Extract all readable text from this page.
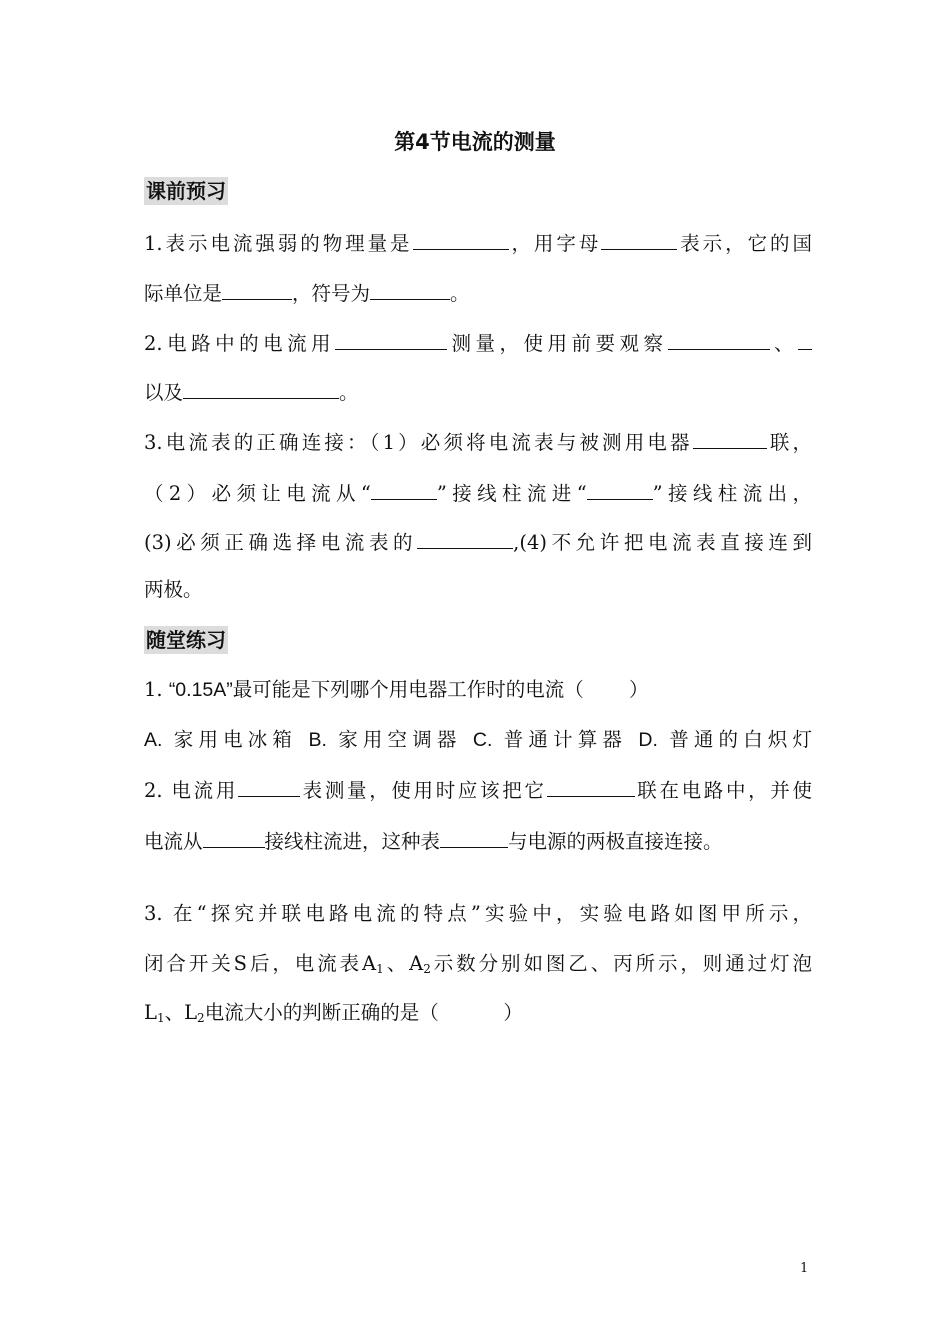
第4节电流的测量
课前预习
1.表示电流强弱的物理量是	，用字母	表示，它的国
际单位是	，符号为	。
2.电路中的电流用	测量，使用前要观察	、
以及	。
3.电流表的正确连接：（1）必须将电流表与被测用电器	联，
（2）必须让电流从“	”接线柱流进“	”接线柱流出，
(3)必须正确选择电流表的	,(4)不允许把电流表直接连到
两极。
随堂练习
1. “0.15A”最可能是下列哪个用电器工作时的电流（　　 ）
A. 家用电冰箱 B. 家用空调器 C. 普通计算器 D. 普通的白炽灯
2. 电流用	表测量，使用时应该把它	联在电路中，并使
电流从	接线柱流进，这种表	与电源的两极直接连接。
3. 在“探究并联电路电流的特点”实验中，实验电路如图甲所示，
闭合开关S后，电流表$A_1$、$A_2$示数分别如图乙、丙所示，则通过灯泡
$L_1$、$L_2$电流大小的判断正确的是（　　　 ）
1
